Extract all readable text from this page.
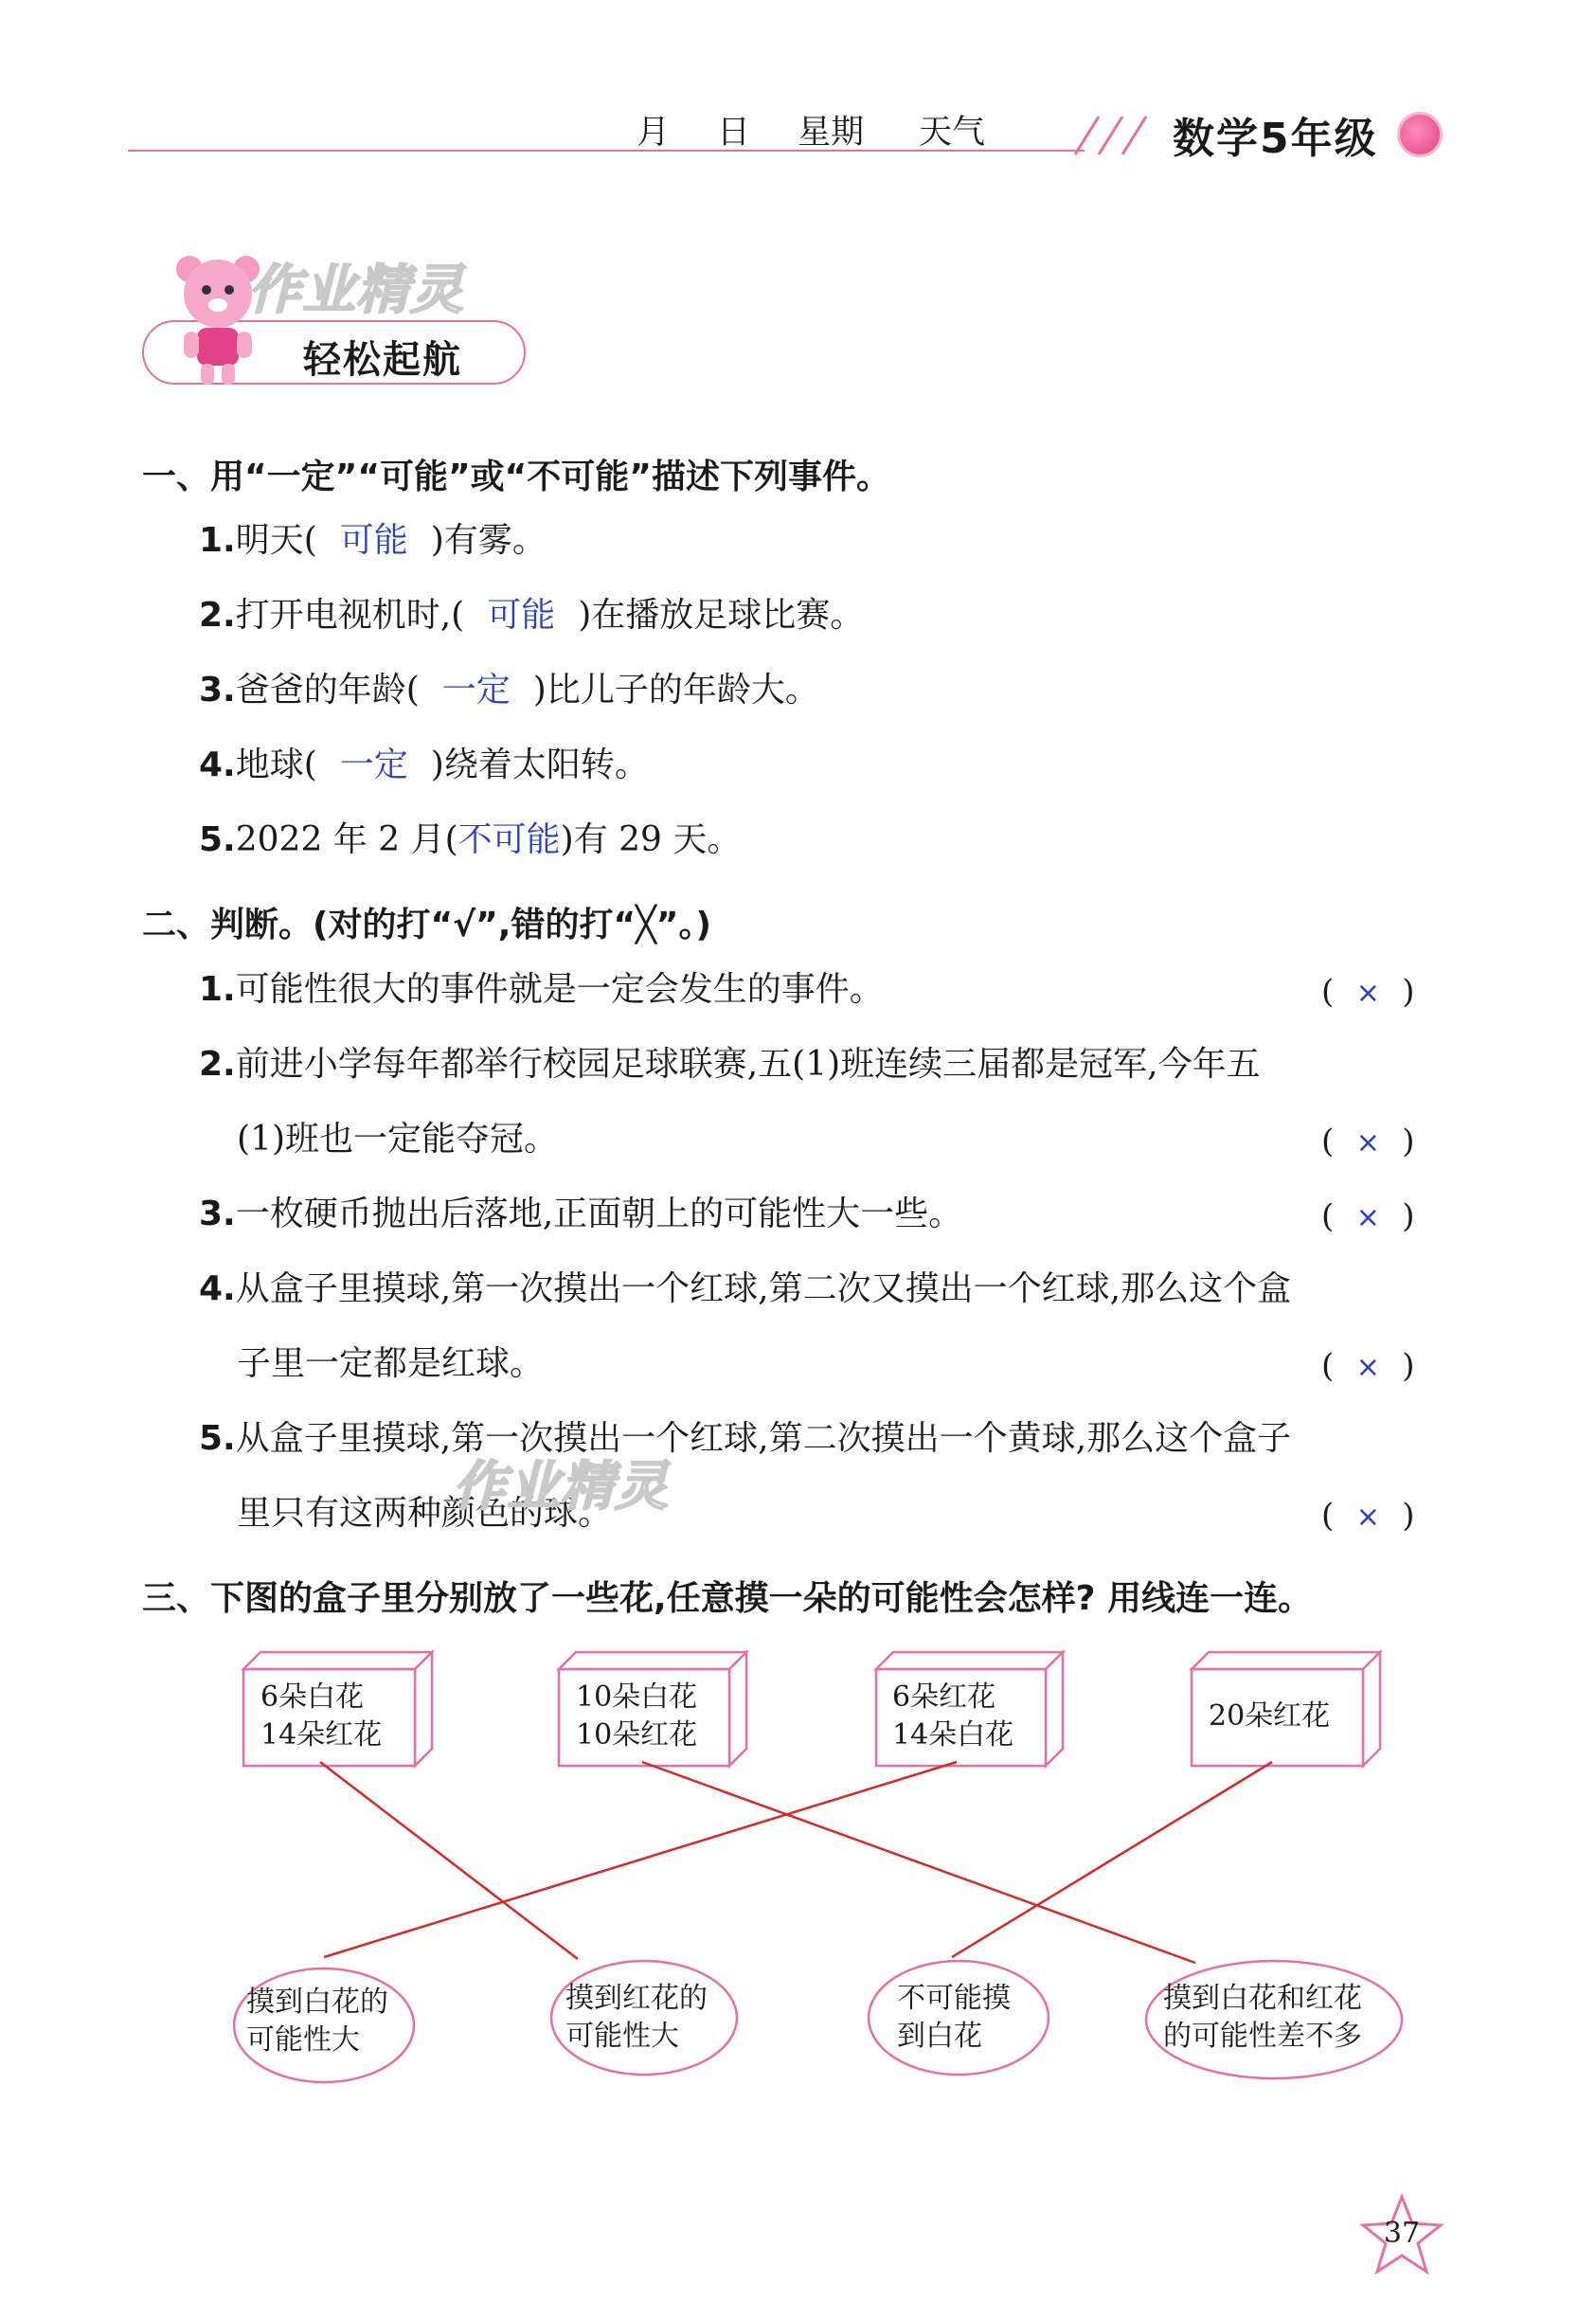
月 日 星期 天气	数学5年级
作业精灵
轻松起航
一、用“一定”“可能”或“不可能”描述下列事件。
1.明天( 可能 )有雾。
2.打开电视机时,( 可能 )在播放足球比赛。
3.爸爸的年龄( 一定 )比儿子的年龄大。
4.地球( 一定 )绕着太阳转。
5.2022 年 2 月(不可能)有 29 天。
二、判断。(对的打“√”,错的打“╳”。)
1.可能性很大的事件就是一定会发生的事件。	( × )
2.前进小学每年都举行校园足球联赛,五(1)班连续三届都是冠军,今年五
(1)班也一定能夺冠。	( × )
3.一枚硬币抛出后落地,正面朝上的可能性大一些。	( × )
4.从盒子里摸球,第一次摸出一个红球,第二次又摸出一个红球,那么这个盒
子里一定都是红球。	( × )
5.从盒子里摸球,第一次摸出一个红球,第二次摸出一个黄球,那么这个盒子
里只有这两种颜色的球。	( × )
作业精灵
三、下图的盒子里分别放了一些花,任意摸一朵的可能性会怎样? 用线连一连。
6朵白花
14朵红花
10朵白花
10朵红花
6朵红花
14朵白花
20朵红花
摸到白花的
可能性大
摸到红花的
可能性大
不可能摸
到白花
摸到白花和红花
的可能性差不多
37
